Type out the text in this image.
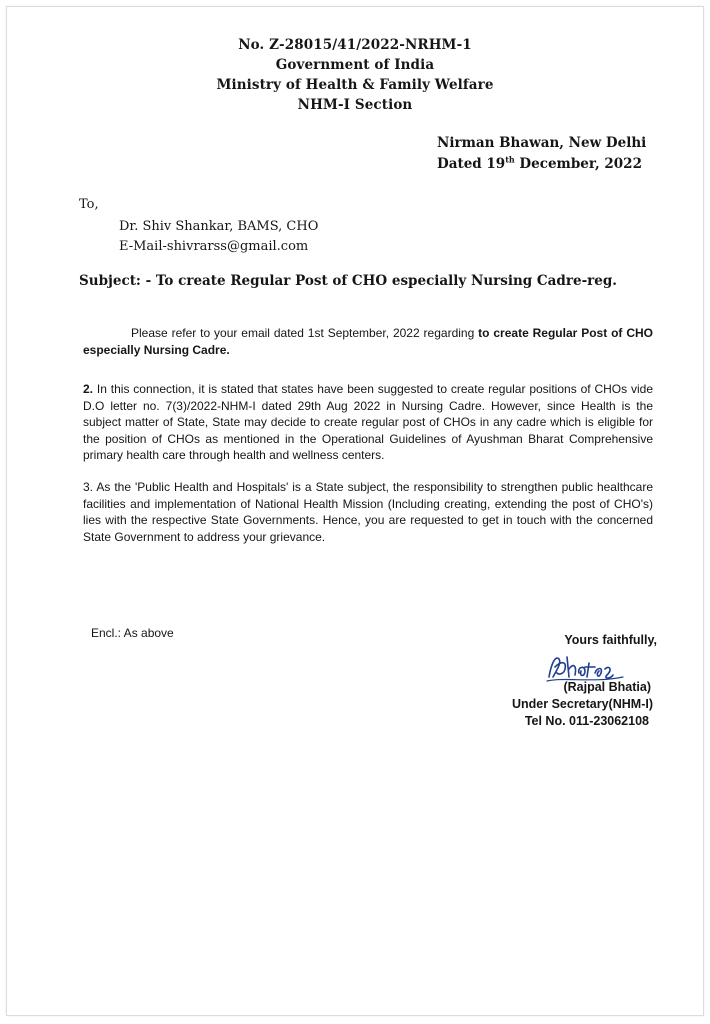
No. Z-28015/41/2022-NRHM-1
Government of India
Ministry of Health & Family Welfare
NHM-I Section
Nirman Bhawan, New Delhi
Dated 19th December, 2022
To,
Dr. Shiv Shankar, BAMS, CHO
E-Mail-shivrarss@gmail.com
Subject: - To create Regular Post of CHO especially Nursing Cadre-reg.
Please refer to your email dated 1st September, 2022 regarding to create Regular Post of CHO especially Nursing Cadre.
2. In this connection, it is stated that states have been suggested to create regular positions of CHOs vide D.O letter no. 7(3)/2022-NHM-I dated 29th Aug 2022 in Nursing Cadre. However, since Health is the subject matter of State, State may decide to create regular post of CHOs in any cadre which is eligible for the position of CHOs as mentioned in the Operational Guidelines of Ayushman Bharat Comprehensive primary health care through health and wellness centers.
3. As the 'Public Health and Hospitals' is a State subject, the responsibility to strengthen public healthcare facilities and implementation of National Health Mission (Including creating, extending the post of CHO's) lies with the respective State Governments. Hence, you are requested to get in touch with the concerned State Government to address your grievance.
Encl.: As above	Yours faithfully,
(Rajpal Bhatia)
Under Secretary(NHM-I)
Tel No. 011-23062108
